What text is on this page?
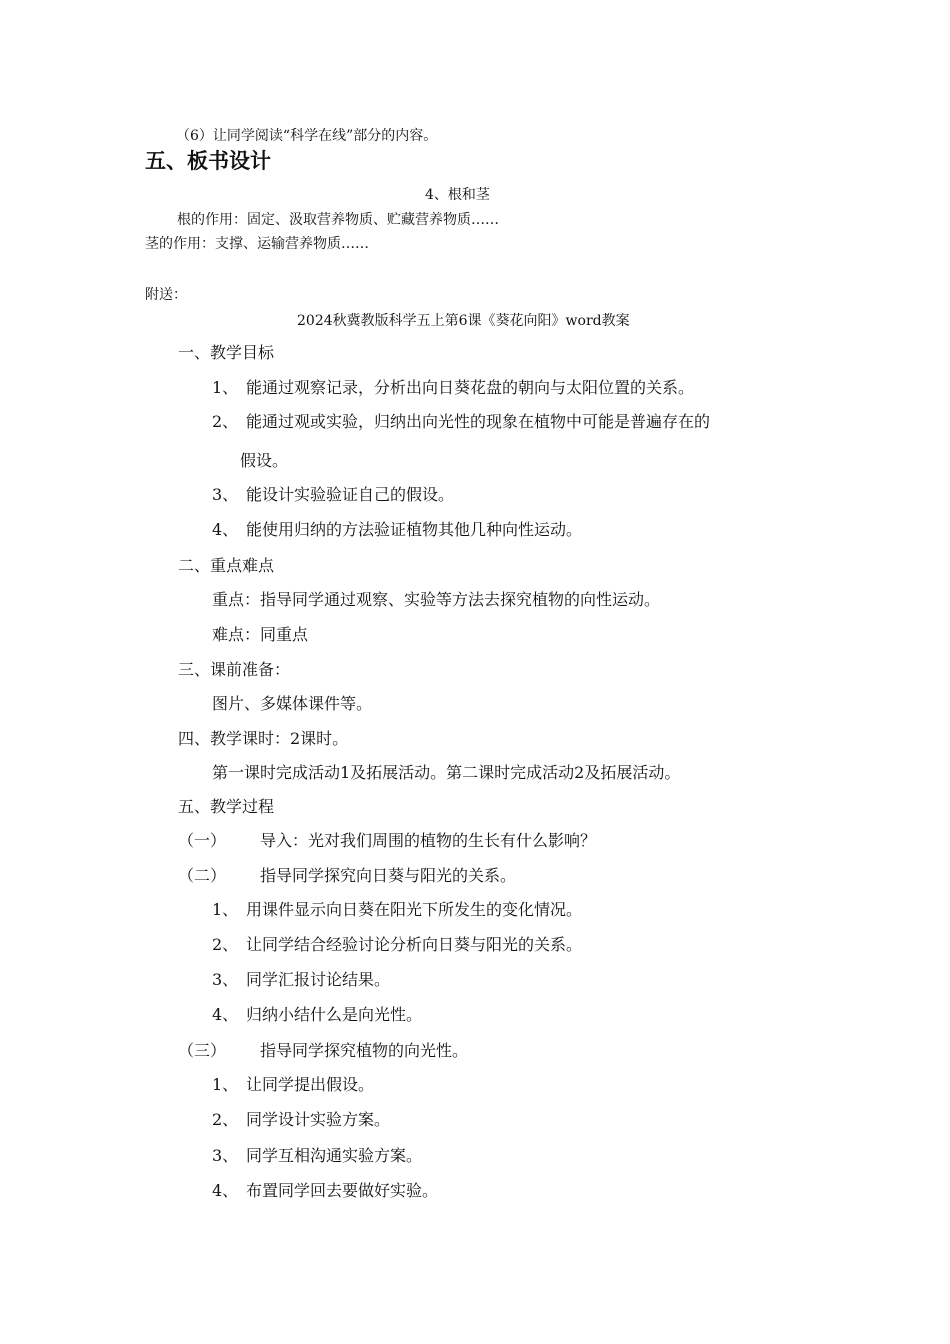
（6）让同学阅读“科学在线”部分的内容。
五、板书设计
4、根和茎
根的作用：固定、汲取营养物质、贮藏营养物质……
茎的作用：支撑、运输营养物质……
附送：
2024秋冀教版科学五上第6课《葵花向阳》word教案
一、教学目标
1、 能通过观察记录，分析出向日葵花盘的朝向与太阳位置的关系。
2、 能通过观或实验，归纳出向光性的现象在植物中可能是普遍存在的
假设。
3、 能设计实验验证自己的假设。
4、 能使用归纳的方法验证植物其他几种向性运动。
二、重点难点
重点：指导同学通过观察、实验等方法去探究植物的向性运动。
难点：同重点
三、课前准备：
图片、多媒体课件等。
四、教学课时：2课时。
第一课时完成活动1及拓展活动。第二课时完成活动2及拓展活动。
五、教学过程
（一） 导入：光对我们周围的植物的生长有什么影响？
（二） 指导同学探究向日葵与阳光的关系。
1、 用课件显示向日葵在阳光下所发生的变化情况。
2、 让同学结合经验讨论分析向日葵与阳光的关系。
3、 同学汇报讨论结果。
4、 归纳小结什么是向光性。
（三） 指导同学探究植物的向光性。
1、 让同学提出假设。
2、 同学设计实验方案。
3、 同学互相沟通实验方案。
4、 布置同学回去要做好实验。
